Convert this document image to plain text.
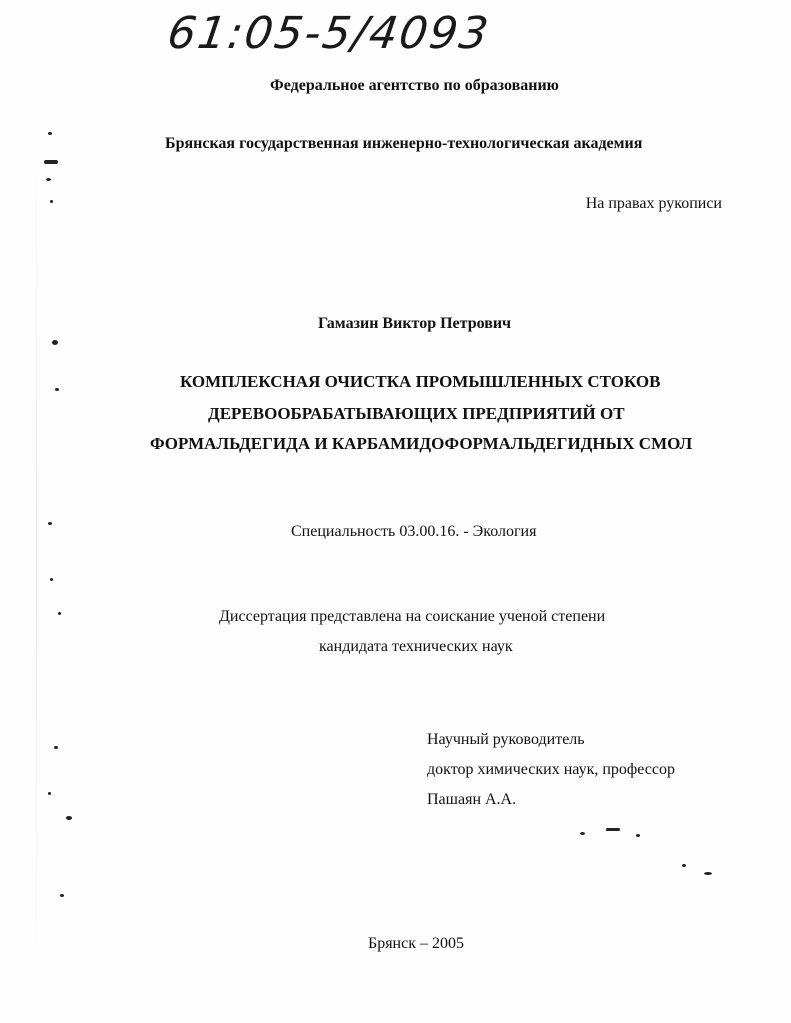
61:05-5/4093
Федеральное агентство по образованию
Брянская государственная инженерно-технологическая академия
На правах рукописи
Гамазин Виктор Петрович
КОМПЛЕКСНАЯ ОЧИСТКА ПРОМЫШЛЕННЫХ СТОКОВ
ДЕРЕВООБРАБАТЫВАЮЩИХ ПРЕДПРИЯТИЙ ОТ
ФОРМАЛЬДЕГИДА И КАРБАМИДОФОРМАЛЬДЕГИДНЫХ СМОЛ
Специальность 03.00.16. - Экология
Диссертация представлена на соискание ученой степени
кандидата технических наук
Научный руководитель
доктор химических наук, профессор
Пашаян А.А.
Брянск – 2005
